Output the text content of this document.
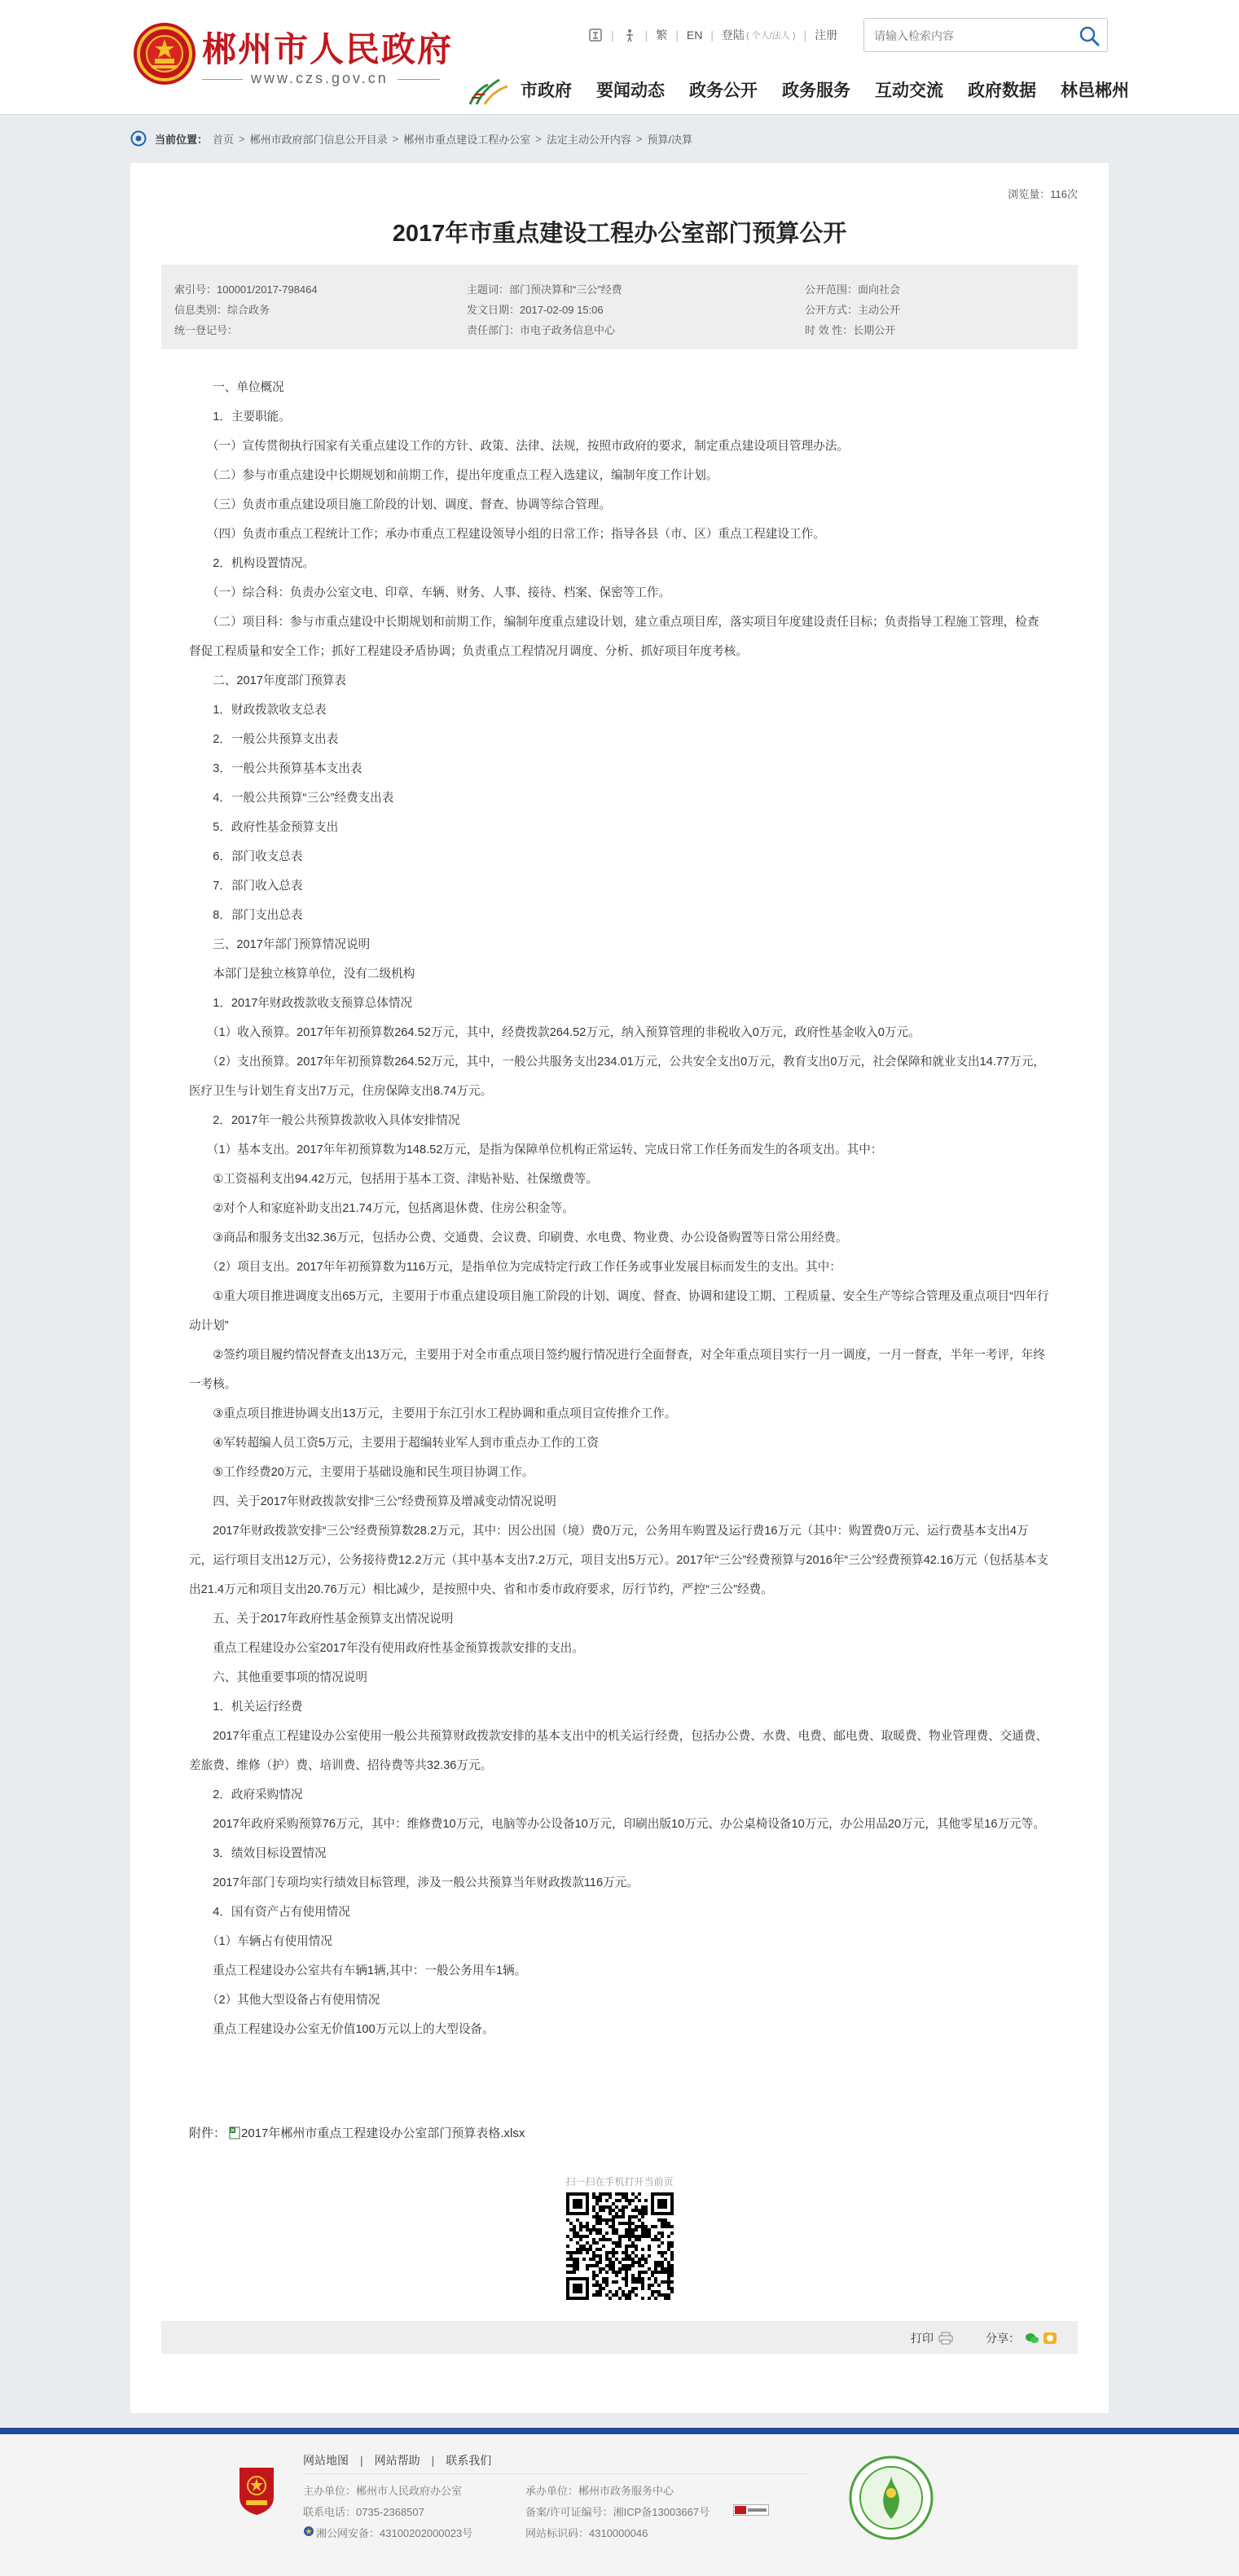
郴州市人民政府
www.czs.gov.cn
|	| 繁 | EN | 登陆 ( 个人/法人 ) | 注册
请输入检索内容
市政府 要闻动态 政务公开 政务服务 互动交流 政府数据 林邑郴州
当前位置： 首页 > 郴州市政府部门信息公开目录 > 郴州市重点建设工程办公室 > 法定主动公开内容 > 预算/决算
浏览量：116次
2017年市重点建设工程办公室部门预算公开
索引号：100001/2017-798464	主题词：部门预决算和“三公”经费	公开范围：面向社会
信息类别：综合政务	发文日期：2017-02-09 15:06	公开方式：主动公开
统一登记号：	责任部门：市电子政务信息中心	时 效 性：长期公开

　　一、单位概况

　　1．主要职能。

　　（一）宣传贯彻执行国家有关重点建设工作的方针、政策、法律、法规，按照市政府的要求，制定重点建设项目管理办法。

　　（二）参与市重点建设中长期规划和前期工作，提出年度重点工程入选建议，编制年度工作计划。

　　（三）负责市重点建设项目施工阶段的计划、调度、督查、协调等综合管理。

　　（四）负责市重点工程统计工作；承办市重点工程建设领导小组的日常工作；指导各县（市、区）重点工程建设工作。

　　2．机构设置情况。

　　（一）综合科：负责办公室文电、印章、车辆、财务、人事、接待、档案、保密等工作。

　　（二）项目科：参与市重点建设中长期规划和前期工作，编制年度重点建设计划，建立重点项目库，落实项目年度建设责任目标；负责指导工程施工管理，检查督促工程质量和安全工作；抓好工程建设矛盾协调；负责重点工程情况月调度、分析、抓好项目年度考核。

　　二、2017年度部门预算表

　　1．财政拨款收支总表

　　2．一般公共预算支出表

　　3．一般公共预算基本支出表

　　4．一般公共预算“三公”经费支出表

　　5．政府性基金预算支出

　　6．部门收支总表

　　7．部门收入总表

　　8．部门支出总表

　　三、2017年部门预算情况说明

　　本部门是独立核算单位，没有二级机构

　　1．2017年财政拨款收支预算总体情况

　　（1）收入预算。2017年年初预算数264.52万元，其中，经费拨款264.52万元，纳入预算管理的非税收入0万元，政府性基金收入0万元。

　　（2）支出预算。2017年年初预算数264.52万元，其中，一般公共服务支出234.01万元，公共安全支出0万元，教育支出0万元，社会保障和就业支出14.77万元，医疗卫生与计划生育支出7万元，住房保障支出8.74万元。

　　2．2017年一般公共预算拨款收入具体安排情况

　　（1）基本支出。2017年年初预算数为148.52万元，是指为保障单位机构正常运转、完成日常工作任务而发生的各项支出。其中：

　　①工资福利支出94.42万元，包括用于基本工资、津贴补贴、社保缴费等。

　　②对个人和家庭补助支出21.74万元，包括离退休费、住房公积金等。

　　③商品和服务支出32.36万元，包括办公费、交通费、会议费、印刷费、水电费、物业费、办公设备购置等日常公用经费。

　　（2）项目支出。2017年年初预算数为116万元，是指单位为完成特定行政工作任务或事业发展目标而发生的支出。其中：

　　①重大项目推进调度支出65万元，主要用于市重点建设项目施工阶段的计划、调度、督查、协调和建设工期、工程质量、安全生产等综合管理及重点项目“四年行动计划”

　　②签约项目履约情况督查支出13万元，主要用于对全市重点项目签约履行情况进行全面督查，对全年重点项目实行一月一调度，一月一督查，半年一考评，年终一考核。

　　③重点项目推进协调支出13万元，主要用于东江引水工程协调和重点项目宣传推介工作。

　　④军转超编人员工资5万元，主要用于超编转业军人到市重点办工作的工资

　　⑤工作经费20万元，主要用于基础设施和民生项目协调工作。

　　四、关于2017年财政拨款安排“三公”经费预算及增减变动情况说明

　　2017年财政拨款安排“三公”经费预算数28.2万元，其中：因公出国（境）费0万元，公务用车购置及运行费16万元（其中：购置费0万元、运行费基本支出4万元，运行项目支出12万元），公务接待费12.2万元（其中基本支出7.2万元，项目支出5万元）。2017年“三公”经费预算与2016年“三公”经费预算42.16万元（包括基本支出21.4万元和项目支出20.76万元）相比减少，是按照中央、省和市委市政府要求，厉行节约，严控“三公”经费。

　　五、关于2017年政府性基金预算支出情况说明

　　重点工程建设办公室2017年没有使用政府性基金预算拨款安排的支出。

　　六、其他重要事项的情况说明

　　1．机关运行经费

　　2017年重点工程建设办公室使用一般公共预算财政拨款安排的基本支出中的机关运行经费，包括办公费、水费、电费、邮电费、取暖费、物业管理费、交通费、差旅费、维修（护）费、培训费、招待费等共32.36万元。

　　2．政府采购情况

　　2017年政府采购预算76万元，其中：维修费10万元，电脑等办公设备10万元，印刷出版10万元、办公桌椅设备10万元，办公用品20万元，其他零星16万元等。

　　3．绩效目标设置情况

　　2017年部门专项均实行绩效目标管理，涉及一般公共预算当年财政拨款116万元。

　　4．国有资产占有使用情况

　　（1）车辆占有使用情况

　　重点工程建设办公室共有车辆1辆,其中：一般公务用车1辆。

　　（2）其他大型设备占有使用情况

　　重点工程建设办公室无价值100万元以上的大型设备。

附件： 2017年郴州市重点工程建设办公室部门预算表格.xlsx
扫一扫在手机打开当前页
打印	分享：
网站地图 | 网站帮助 | 联系我们
主办单位：郴州市人民政府办公室	承办单位：郴州市政务服务中心
联系电话：0735-2368507	备案/许可证编号：湘ICP备13003667号
湘公网安备：43100202000023号	网站标识码：4310000046
